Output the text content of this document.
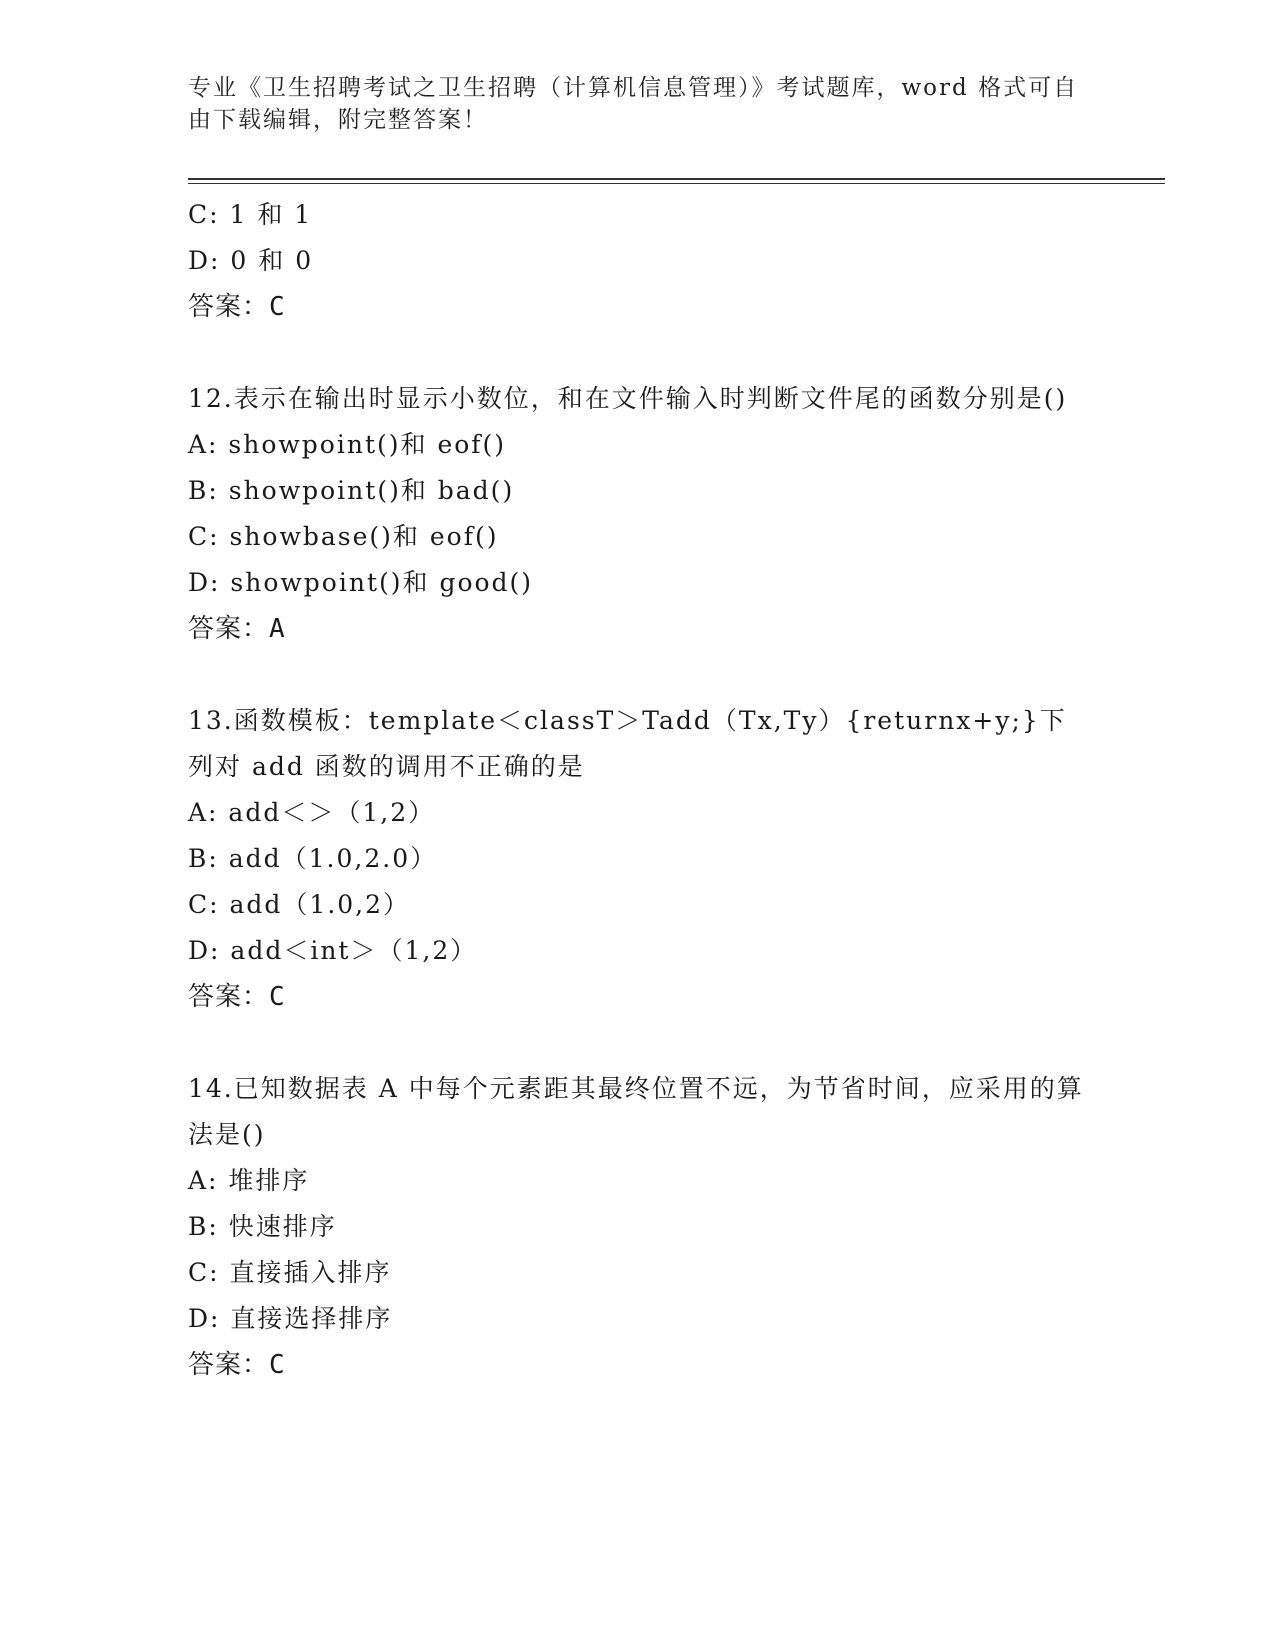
专业《卫生招聘考试之卫生招聘（计算机信息管理）》考试题库，word 格式可自由下载编辑，附完整答案！
C: 1 和 1
D: 0 和 0
答案：C
12.表示在输出时显示小数位，和在文件输入时判断文件尾的函数分别是()
A: showpoint()和 eof()
B: showpoint()和 bad()
C: showbase()和 eof()
D: showpoint()和 good()
答案：A
13.函数模板：template＜classT＞Tadd（Tx,Ty）{returnx+y;}下列对 add 函数的调用不正确的是
A: add＜＞（1,2）
B: add（1.0,2.0）
C: add（1.0,2）
D: add＜int＞（1,2）
答案：C
14.已知数据表 A 中每个元素距其最终位置不远，为节省时间，应采用的算法是()
A: 堆排序
B: 快速排序
C: 直接插入排序
D: 直接选择排序
答案：C
